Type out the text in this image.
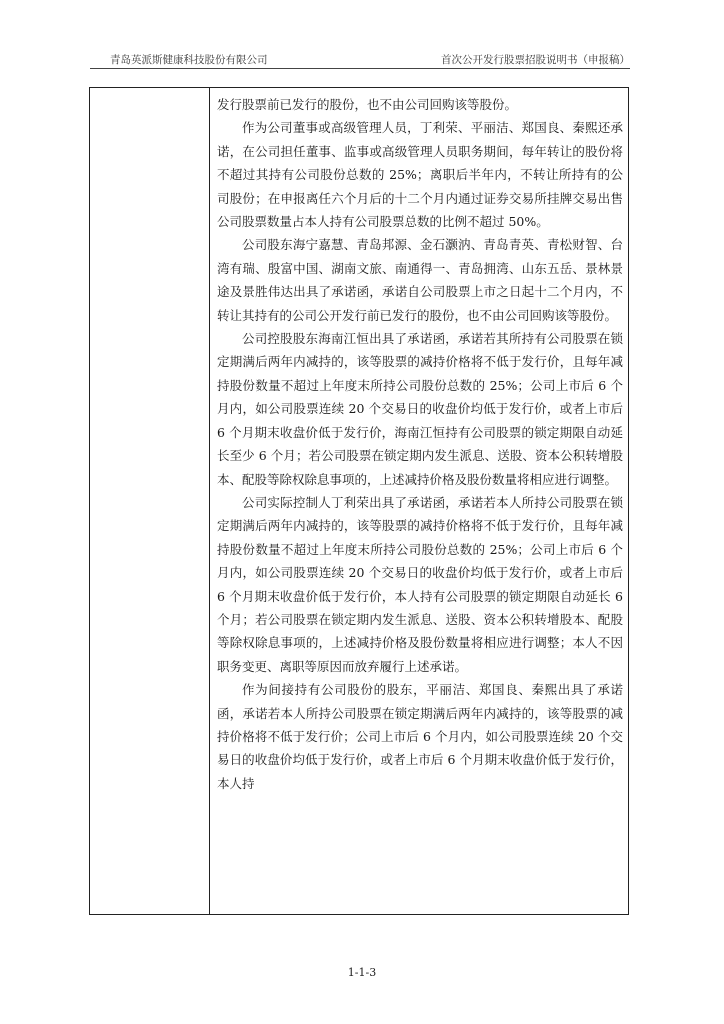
青岛英派斯健康科技股份有限公司	首次公开发行股票招股说明书（申报稿）

发行股票前已发行的股份，也不由公司回购该等股份。

作为公司董事或高级管理人员，丁利荣、平丽洁、郑国良、秦熙还承诺，在公司担任董事、监事或高级管理人员职务期间，每年转让的股份将不超过其持有公司股份总数的 25%；离职后半年内，不转让所持有的公司股份；在申报离任六个月后的十二个月内通过证券交易所挂牌交易出售公司股票数量占本人持有公司股票总数的比例不超过 50%。

公司股东海宁嘉慧、青岛邦源、金石灏汭、青岛青英、青松财智、台湾有瑞、殷富中国、湖南文旅、南通得一、青岛拥湾、山东五岳、景林景途及景胜伟达出具了承诺函，承诺自公司股票上市之日起十二个月内，不转让其持有的公司公开发行前已发行的股份，也不由公司回购该等股份。

公司控股股东海南江恒出具了承诺函，承诺若其所持有公司股票在锁定期满后两年内减持的，该等股票的减持价格将不低于发行价，且每年减持股份数量不超过上年度末所持公司股份总数的 25%；公司上市后 6 个月内，如公司股票连续 20 个交易日的收盘价均低于发行价，或者上市后 6 个月期末收盘价低于发行价，海南江恒持有公司股票的锁定期限自动延长至少 6 个月；若公司股票在锁定期内发生派息、送股、资本公积转增股本、配股等除权除息事项的，上述减持价格及股份数量将相应进行调整。

公司实际控制人丁利荣出具了承诺函，承诺若本人所持公司股票在锁定期满后两年内减持的，该等股票的减持价格将不低于发行价，且每年减持股份数量不超过上年度末所持公司股份总数的 25%；公司上市后 6 个月内，如公司股票连续 20 个交易日的收盘价均低于发行价，或者上市后 6 个月期末收盘价低于发行价，本人持有公司股票的锁定期限自动延长 6 个月；若公司股票在锁定期内发生派息、送股、资本公积转增股本、配股等除权除息事项的，上述减持价格及股份数量将相应进行调整；本人不因职务变更、离职等原因而放弃履行上述承诺。

作为间接持有公司股份的股东，平丽洁、郑国良、秦熙出具了承诺函，承诺若本人所持公司股票在锁定期满后两年内减持的，该等股票的减持价格将不低于发行价；公司上市后 6 个月内，如公司股票连续 20 个交易日的收盘价均低于发行价，或者上市后 6 个月期末收盘价低于发行价，本人持

1-1-3
